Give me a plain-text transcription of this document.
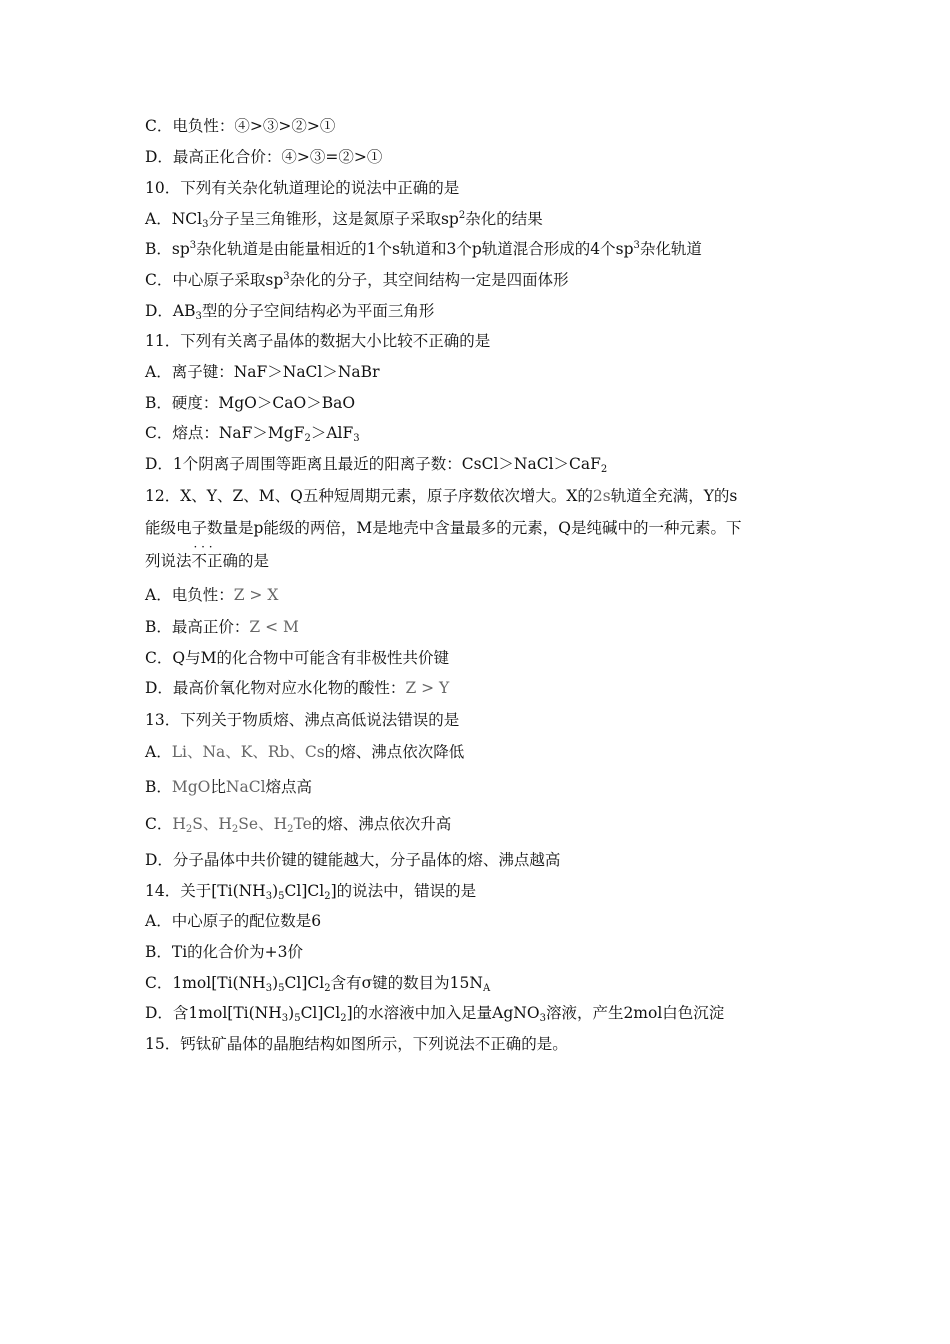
C．电负性：④>③>②>①
D．最高正化合价：④>③=②>①
10．下列有关杂化轨道理论的说法中正确的是
A．NCl$_3$分子呈三角锥形，这是氮原子采取$sp^2$杂化的结果
B．$sp^3$杂化轨道是由能量相近的1个s轨道和3个p轨道混合形成的4个$sp^3$杂化轨道
C．中心原子采取$sp^3$杂化的分子，其空间结构一定是四面体形
D．$AB_3$型的分子空间结构必为平面三角形
11．下列有关离子晶体的数据大小比较不正确的是
A．离子键：NaF＞NaCl＞NaBr
B．硬度：MgO＞CaO＞BaO
C．熔点：NaF＞MgF$_2$＞AlF$_3$
D．1个阴离子周围等距离且最近的阳离子数：CsCl＞NaCl＞CaF$_2$
12．X、Y、Z、M、Q五种短周期元素，原子序数依次增大。X的2s轨道全充满，Y的s
能级电子数量是p能级的两倍，M是地壳中含量最多的元素，Q是纯碱中的一种元素。下
列说法· · · 不正确的是
A．电负性：Z > X
B．最高正价：Z < M
C．Q与M的化合物中可能含有非极性共价键
D．最高价氧化物对应水化物的酸性：Z > Y
13．下列关于物质熔、沸点高低说法错误的是
A．Li、Na、K、Rb、Cs的熔、沸点依次降低
B．MgO比NaCl熔点高
C．$H_2S$、$H_2Se$、$H_2Te$的熔、沸点依次升高
D．分子晶体中共价键的键能越大，分子晶体的熔、沸点越高
14．关于$[Ti(NH_3)_5Cl]Cl_2$]的说法中，错误的是
A．中心原子的配位数是6
B．Ti的化合价为+3价
C．$1mol[Ti(NH_3)_5Cl]Cl_2$含有σ键的数目为$15N_A$
D．含$1mol[Ti(NH_3)_5Cl]Cl_2$]的水溶液中加入足量AgNO$_3$溶液，产生2mol白色沉淀
15．钙钛矿晶体的晶胞结构如图所示，下列说法不正确的是。
